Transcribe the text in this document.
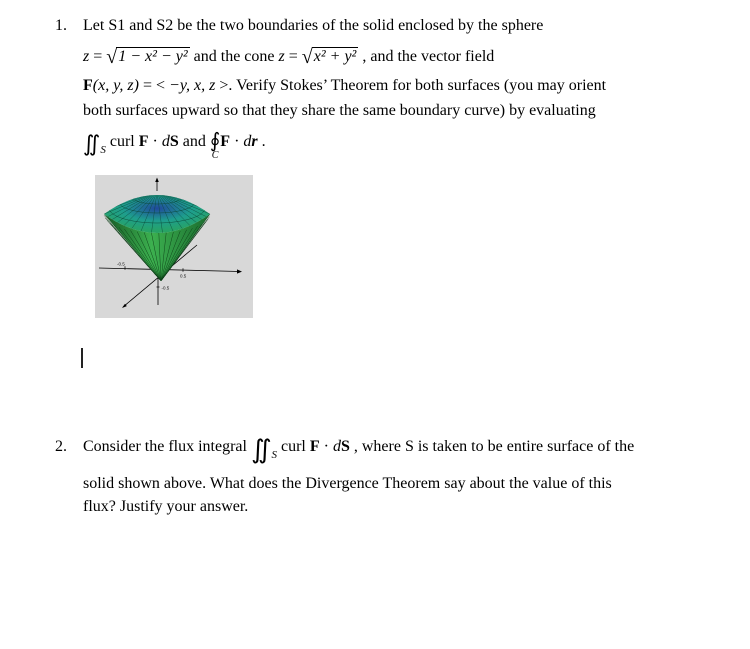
1.	Let S1 and S2 be the two boundaries of the solid enclosed by the sphere
z = √1 − x² − y² and the cone z = √x² + y² , and the vector field
F(x, y, z) = < −y, x, z >. Verify Stokes’ Theorem for both surfaces (you may orient
both surfaces upward so that they share the same boundary curve) by evaluating
$∬_S$ curl F · dS and ∮
C
F · dr .
-0.5
0.5
-0.5
2.	Consider the flux integral $∬_S$ curl F · dS , where S is taken to be entire surface of the
solid shown above. What does the Divergence Theorem say about the value of this
flux? Justify your answer.
